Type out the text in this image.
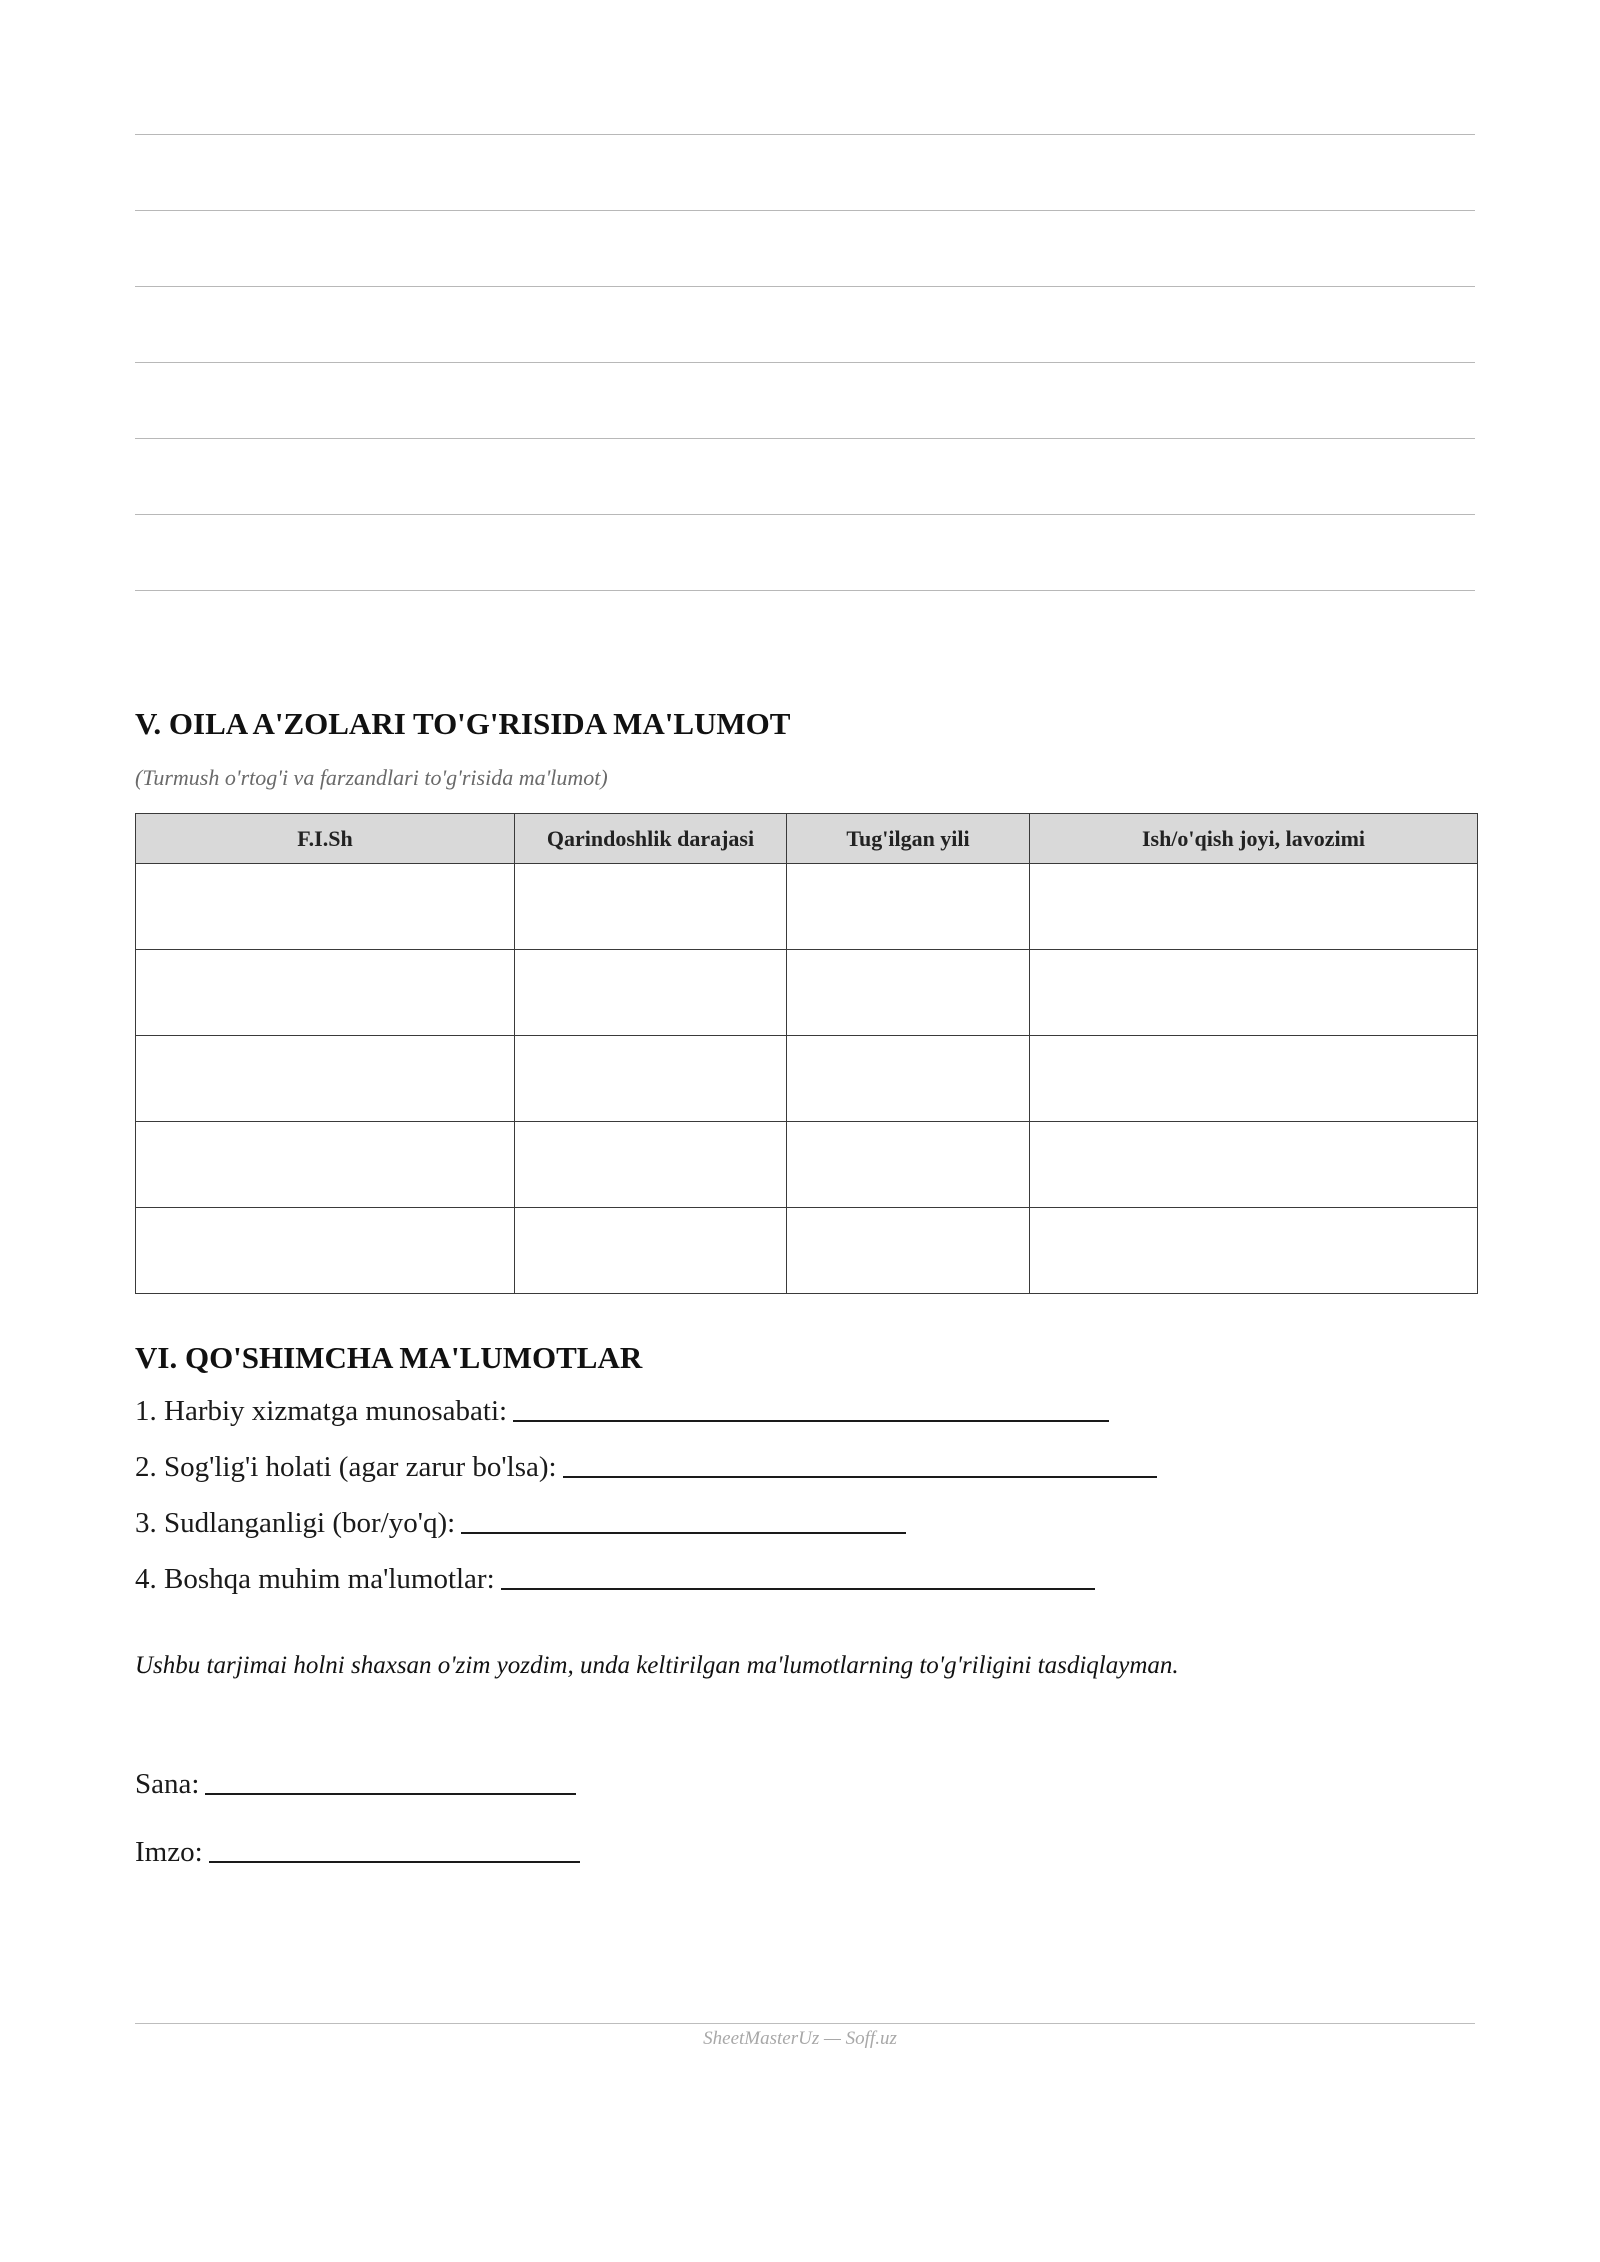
V. OILA A'ZOLARI TO'G'RISIDA MA'LUMOT
(Turmush o'rtog'i va farzandlari to'g'risida ma'lumot)
F.I.Sh	Qarindoshlik darajasi	Tug'ilgan yili	Ish/o'qish joyi, lavozimi

VI. QO'SHIMCHA MA'LUMOTLAR
1. Harbiy xizmatga munosabati:
2. Sog'lig'i holati (agar zarur bo'lsa):
3. Sudlanganligi (bor/yo'q):
4. Boshqa muhim ma'lumotlar:
Ushbu tarjimai holni shaxsan o'zim yozdim, unda keltirilgan ma'lumotlarning to'g'riligini tasdiqlayman.
Sana:
Imzo:
SheetMasterUz — Soff.uz
